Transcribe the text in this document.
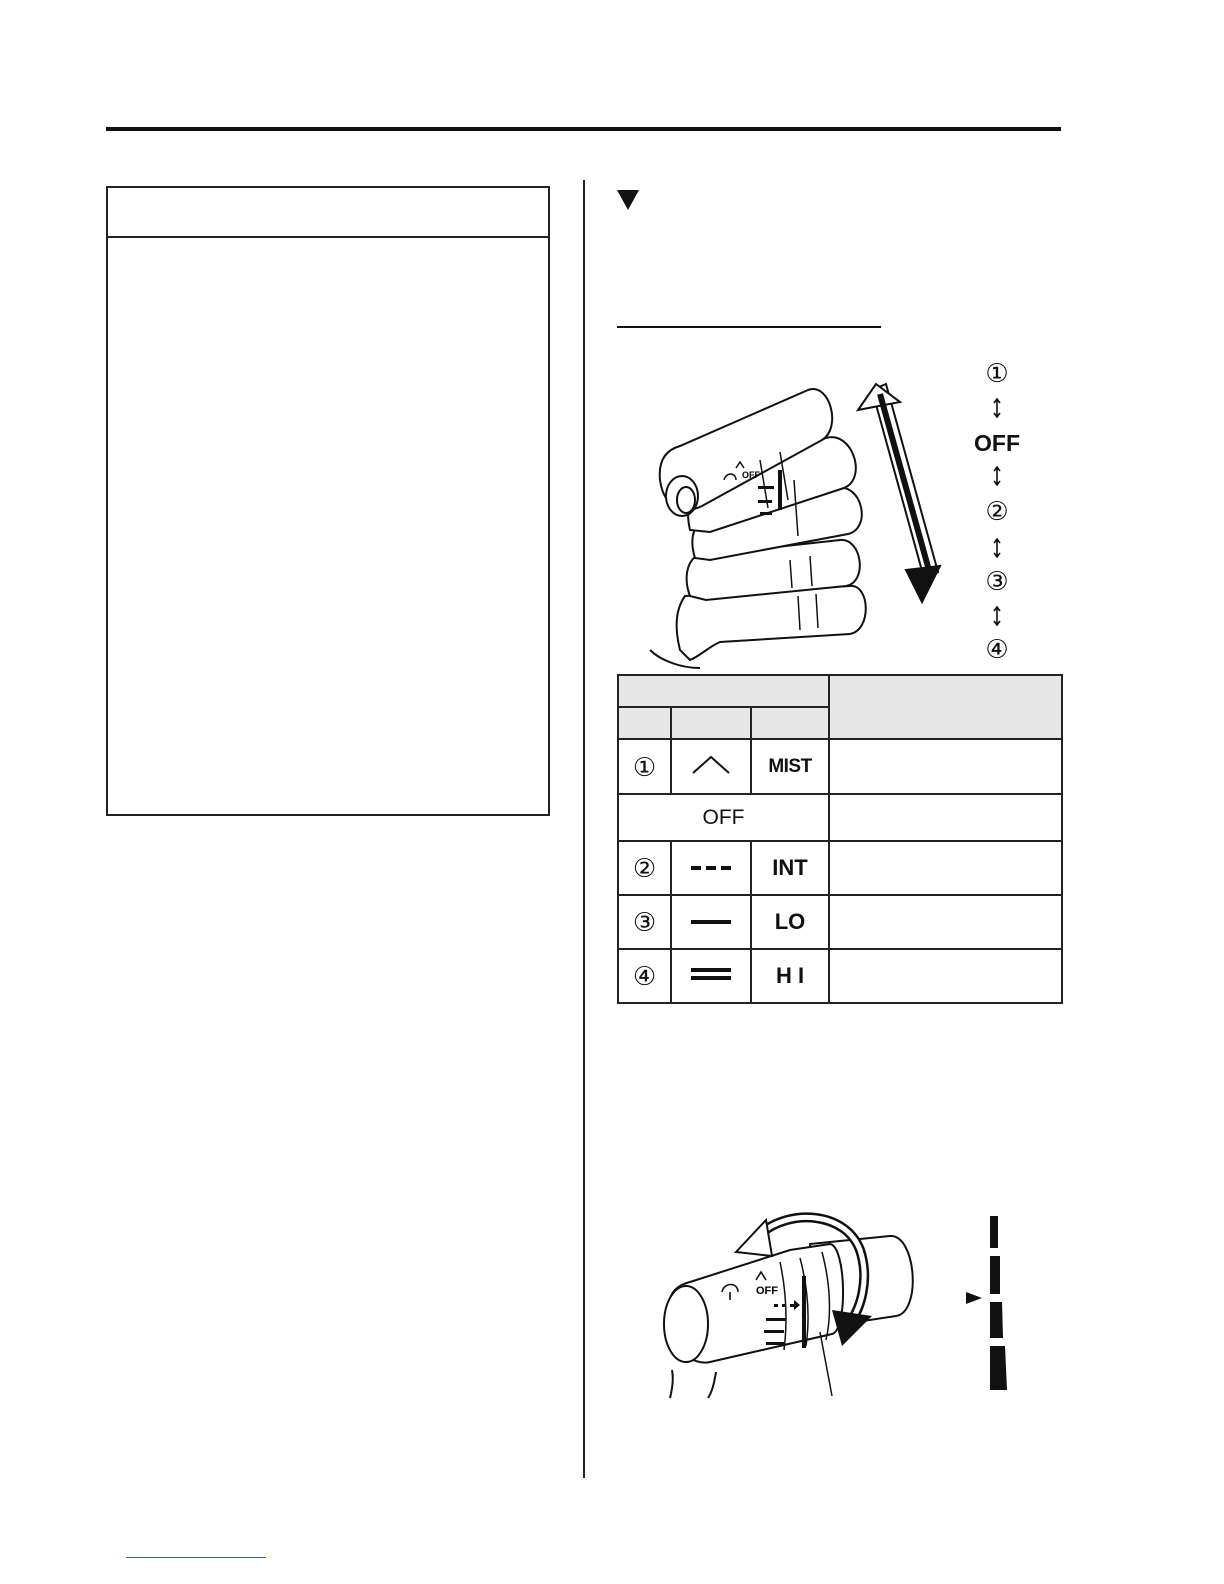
OFF
①
OFF
②
③
④

①		MIST	
OFF			
②		INT	
③		LO	
④		H I	
OFF
